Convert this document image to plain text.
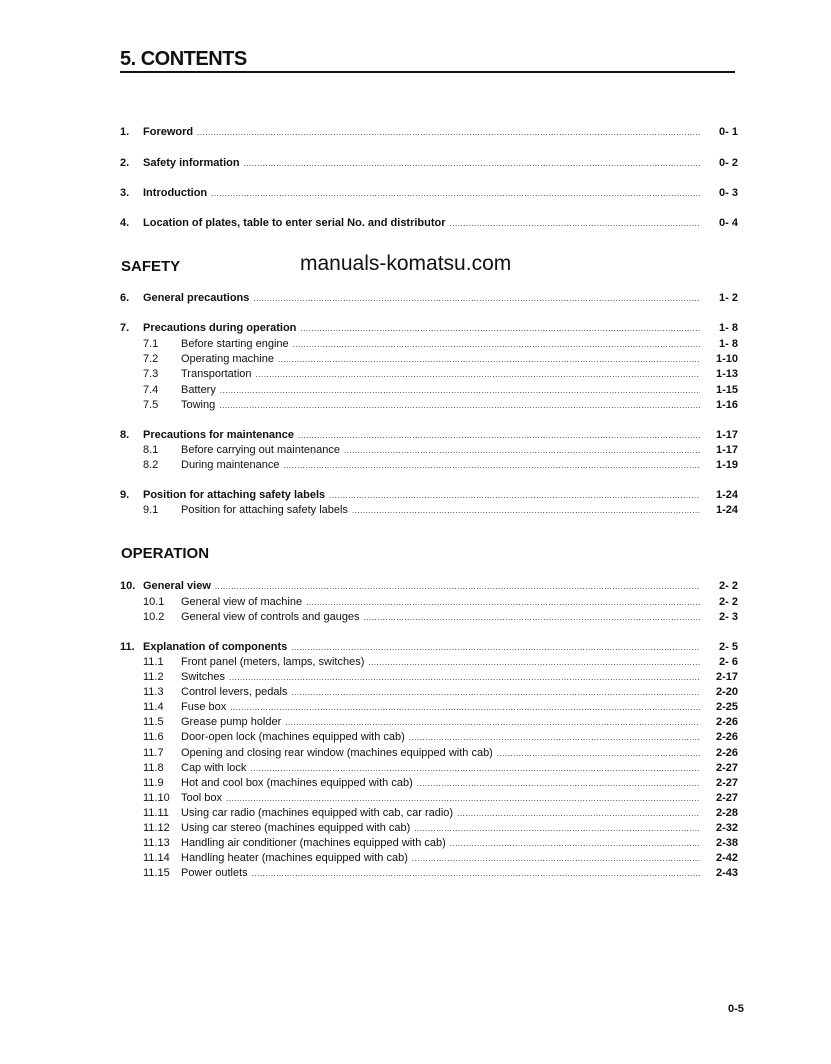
5. CONTENTS
manuals-komatsu.com
1.	Foreword .....	0- 1
2.	Safety information .....	0- 2
3.	Introduction .....	0- 3
4.	Location of plates, table to enter serial No. and distributor .....	0- 4
SAFETY
6.	General precautions .....	1- 2
7.	Precautions during operation .....	1- 8
7.1	Before starting engine .....	1- 8
7.2	Operating machine .....	1-10
7.3	Transportation .....	1-13
7.4	Battery .....	1-15
7.5	Towing .....	1-16
8.	Precautions for maintenance .....	1-17
8.1	Before carrying out maintenance .....	1-17
8.2	During maintenance .....	1-19
9.	Position for attaching safety labels .....	1-24
9.1	Position for attaching safety labels .....	1-24
OPERATION
10. General view .....	2- 2
10.1	General view of machine .....	2- 2
10.2	General view of controls and gauges .....	2- 3
11. Explanation of components .....	2- 5
11.1	Front panel (meters, lamps, switches) .....	2- 6
11.2	Switches .....	2-17
11.3	Control levers, pedals .....	2-20
11.4	Fuse box .....	2-25
11.5	Grease pump holder .....	2-26
11.6	Door-open lock (machines equipped with cab) .....	2-26
11.7	Opening and closing rear window (machines equipped with cab) .....	2-26
11.8	Cap with lock .....	2-27
11.9	Hot and cool box (machines equipped with cab) .....	2-27
11.10	Tool box .....	2-27
11.11	Using car radio (machines equipped with cab, car radio) .....	2-28
11.12	Using car stereo (machines equipped with cab) .....	2-32
11.13	Handling air conditioner (machines equipped with cab) .....	2-38
11.14	Handling heater (machines equipped with cab) .....	2-42
11.15	Power outlets .....	2-43
0-5
